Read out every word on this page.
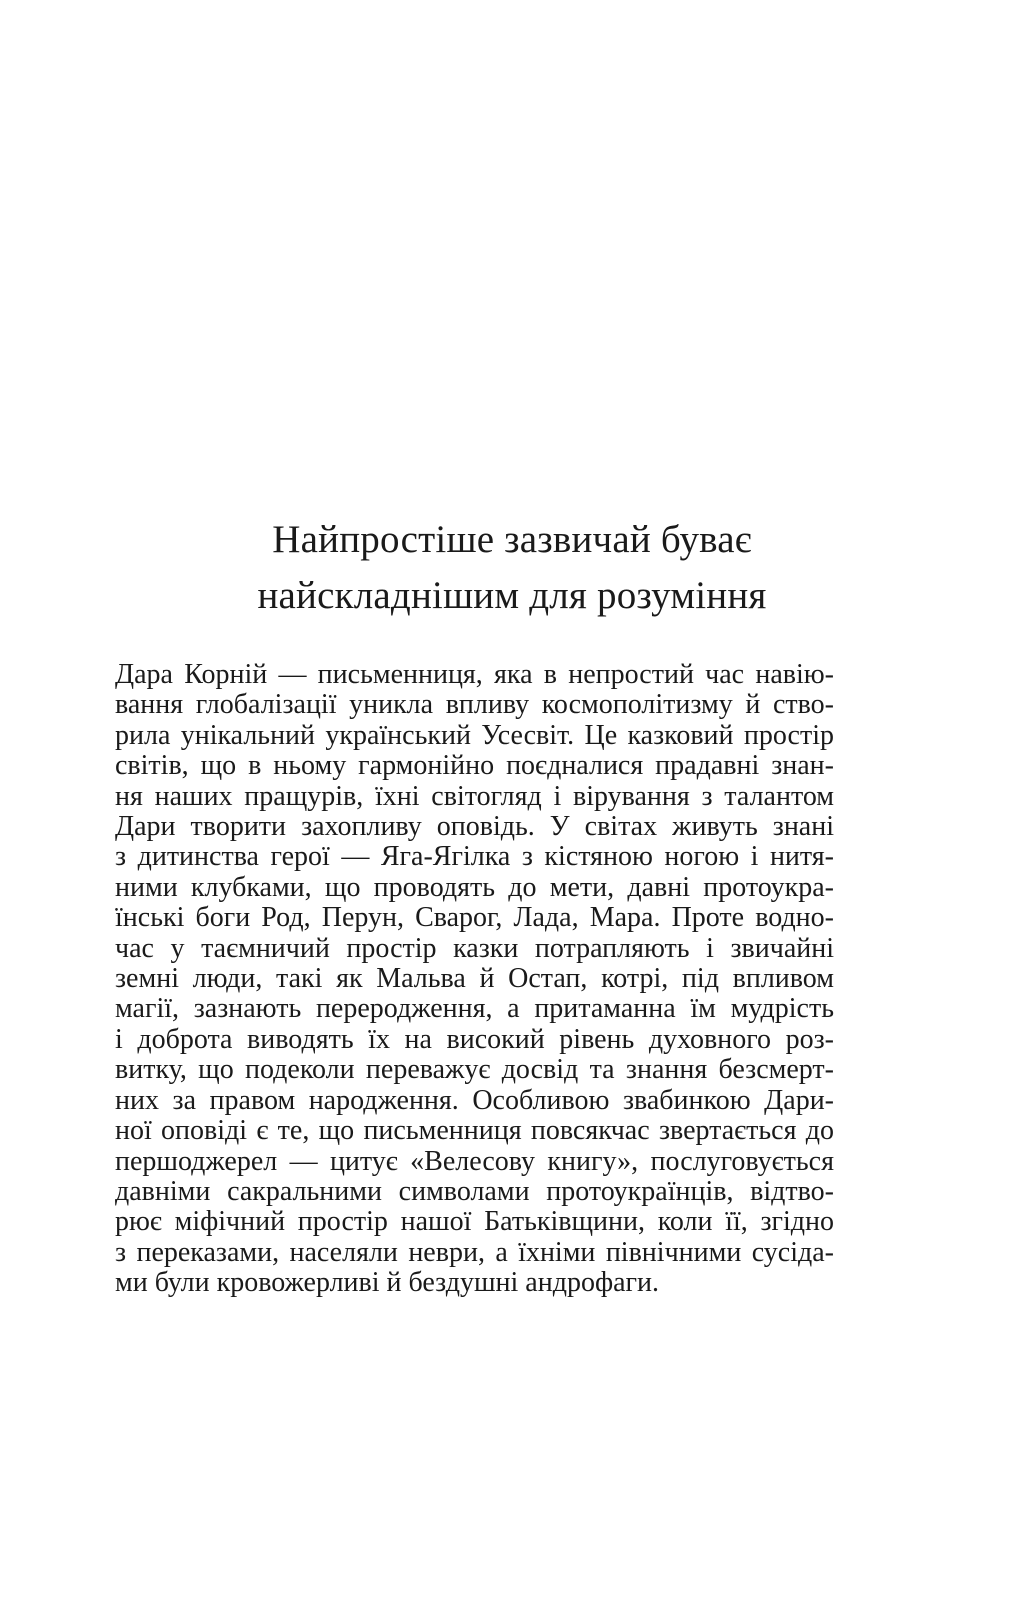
Найпростіше зазвичай буває
найскладнішим для розуміння
Дара Корній — письменниця, яка в непростий час навію-
вання глобалізації уникла впливу космополітизму й ство-
рила унікальний український Усесвіт. Це казковий простір
світів, що в ньому гармонійно поєдналися прадавні знан-
ня наших пращурів, їхні світогляд і вірування з талантом
Дари творити захопливу оповідь. У світах живуть знані
з дитинства герої — Яга-Ягілка з кістяною ногою і нитя-
ними клубками, що проводять до мети, давні протоукра-
їнські боги Род, Перун, Сварог, Лада, Мара. Проте водно-
час у таємничий простір казки потрапляють і звичайні
земні люди, такі як Мальва й Остап, котрі, під впливом
магії, зазнають переродження, а притаманна їм мудрість
і доброта виводять їх на високий рівень духовного роз-
витку, що подеколи переважує досвід та знання безсмерт-
них за правом народження. Особливою звабинкою Дари-
ної оповіді є те, що письменниця повсякчас звертається до
першоджерел — цитує «Велесову книгу», послуговується
давніми сакральними символами протоукраїнців, відтво-
рює міфічний простір нашої Батьківщини, коли її, згідно
з переказами, населяли неври, а їхніми північними сусіда-
ми були кровожерливі й бездушні андрофаги.
